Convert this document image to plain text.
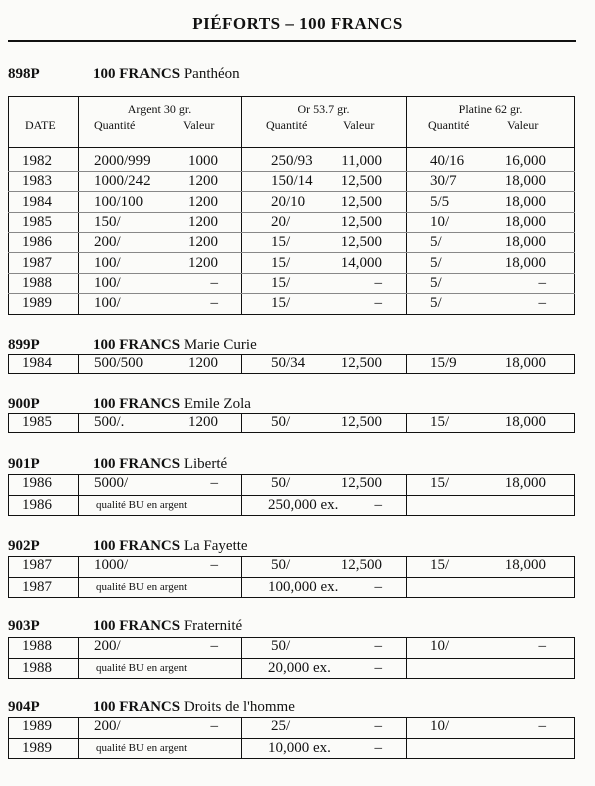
PIÉFORTS – 100 FRANCS
898P	100 FRANCS Panthéon
DATE
Argent 30 gr.	Or 53.7 gr.	Platine 62 gr.
Quantité	Valeur	Quantité	Valeur	Quantité	Valeur
899P	100 FRANCS Marie Curie
900P	100 FRANCS Emile Zola
901P	100 FRANCS Liberté
902P	100 FRANCS La Fayette
903P	100 FRANCS Fraternité
904P	100 FRANCS Droits de l'homme
1982	2000/999	1000	250/93	11,000	40/16	16,000
1983	1000/242	1200	150/14	12,500	30/7	18,000
1984	100/100	1200	20/10	12,500	5/5	18,000
1985	150/	1200	20/	12,500	10/	18,000
1986	200/	1200	15/	12,500	5/	18,000
1987	100/	1200	15/	14,000	5/	18,000
1988	100/	–	15/	–	5/	–
1989	100/	–	15/	–	5/	–
1984	500/500	1200	50/34	12,500	15/9	18,000
1985	500/.	1200	50/	12,500	15/	18,000
1986	5000/	–	50/	12,500	15/	18,000
1986	qualité BU en argent	250,000 ex.	–
1987	1000/	–	50/	12,500	15/	18,000
1987	qualité BU en argent	100,000 ex.	–
1988	200/	–	50/	–	10/	–
1988	qualité BU en argent	20,000 ex.	–
1989	200/	–	25/	–	10/	–
1989	qualité BU en argent	10,000 ex.	–
